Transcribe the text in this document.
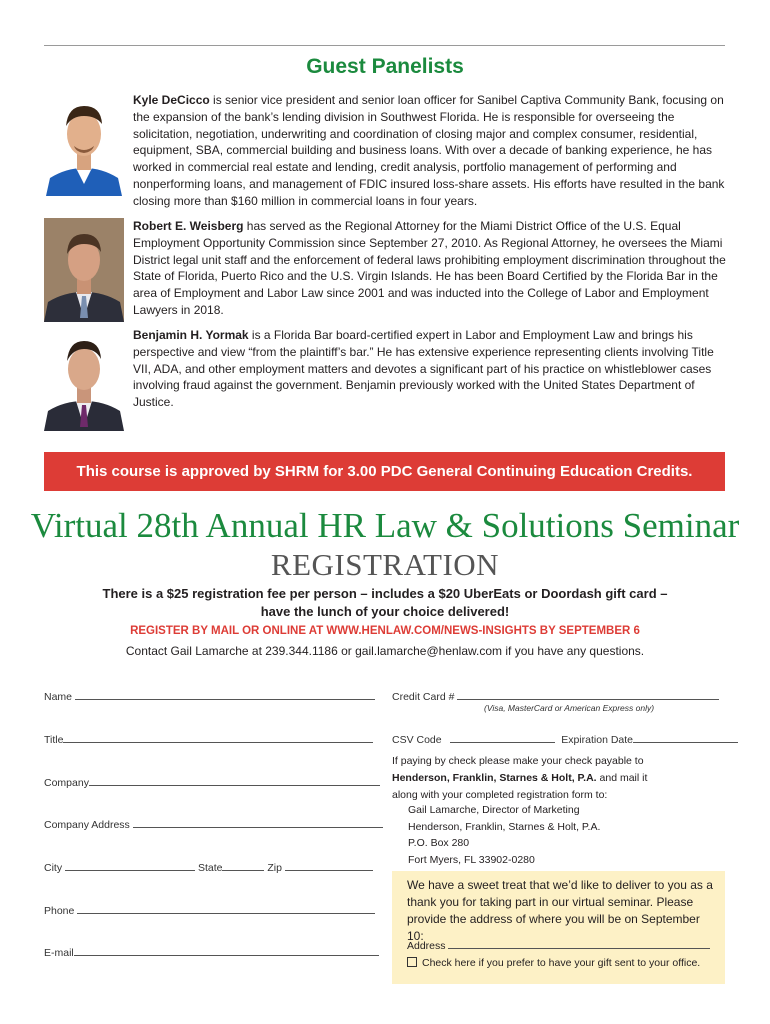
Guest Panelists
Kyle DeCicco is senior vice president and senior loan officer for Sanibel Captiva Community Bank, focusing on the expansion of the bank’s lending division in Southwest Florida. He is responsible for overseeing the solicitation, negotiation, underwriting and coordination of closing major and complex consumer, residential, equipment, SBA, commercial building and business loans. With over a decade of banking experience, he has worked in commercial real estate and lending, credit analysis, portfolio management of performing and nonperforming loans, and management of FDIC insured loss-share assets. His efforts have resulted in the bank closing more than $160 million in commercial loans in four years.
Robert E. Weisberg has served as the Regional Attorney for the Miami District Office of the U.S. Equal Employment Opportunity Commission since September 27, 2010. As Regional Attorney, he oversees the Miami District legal unit staff and the enforcement of federal laws prohibiting employment discrimination throughout the State of Florida, Puerto Rico and the U.S. Virgin Islands. He has been Board Certified by the Florida Bar in the area of Employment and Labor Law since 2001 and was inducted into the College of Labor and Employment Lawyers in 2018.
Benjamin H. Yormak is a Florida Bar board-certified expert in Labor and Employment Law and brings his perspective and view “from the plaintiff’s bar.” He has extensive experience representing clients involving Title VII, ADA, and other employment matters and devotes a significant part of his practice on whistleblower cases involving fraud against the government. Benjamin previously worked with the United States Department of Justice.
This course is approved by SHRM for 3.00 PDC General Continuing Education Credits.
Virtual 28th Annual HR Law & Solutions Seminar
REGISTRATION
There is a $25 registration fee per person – includes a $20 UberEats or Doordash gift card –
have the lunch of your choice delivered!
REGISTER BY MAIL OR ONLINE AT WWW.HENLAW.COM/NEWS-INSIGHTS BY SEPTEMBER 6
Contact Gail Lamarche at 239.344.1186 or gail.lamarche@henlaw.com if you have any questions.
Name
Title
Company
Company Address
City	State	Zip
Phone
E-mail
Credit Card #
(Visa, MasterCard or American Express only)
CSV Code	Expiration Date
If paying by check please make your check payable to
Henderson, Franklin, Starnes & Holt, P.A. and mail it
along with your completed registration form to:
Gail Lamarche, Director of Marketing
Henderson, Franklin, Starnes & Holt, P.A.
P.O. Box 280
Fort Myers, FL 33902-0280
We have a sweet treat that we’d like to deliver to you as a thank you for taking part in our virtual seminar. Please provide the address of where you will be on September 10:
Address
Check here if you prefer to have your gift sent to your office.
